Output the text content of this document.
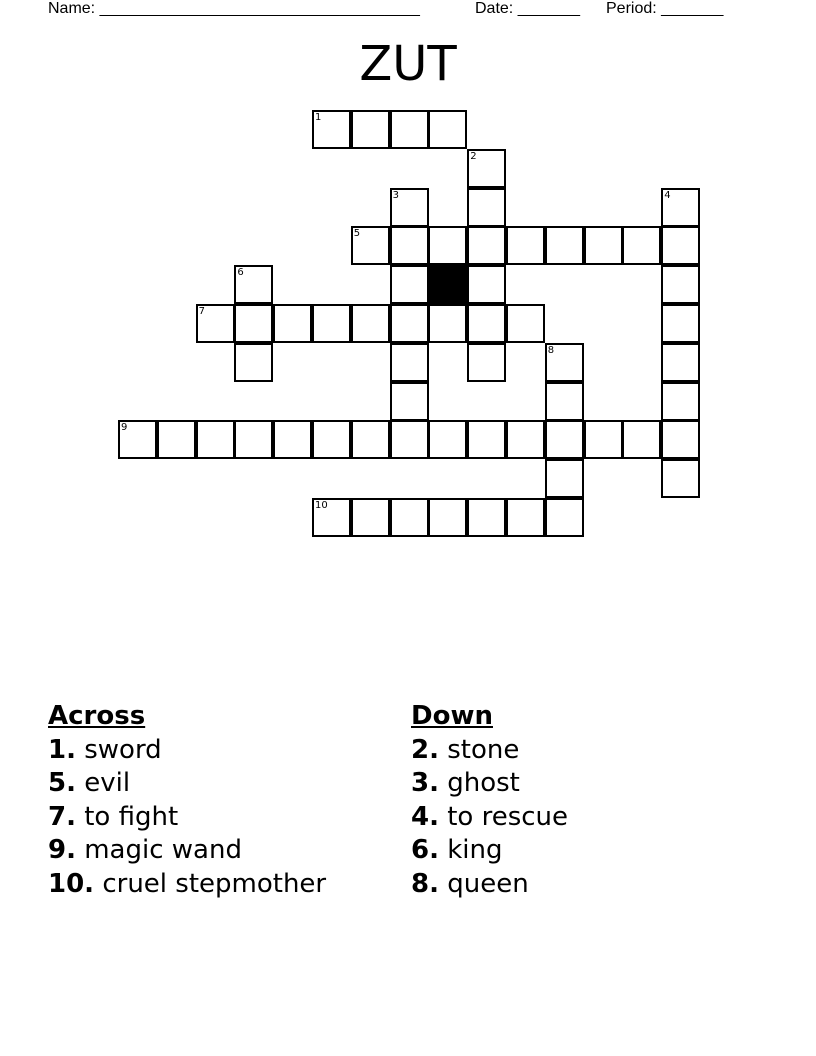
Name: ____________________________________	Date: _______ Period: _______
ZUT
1
2
3	4
5
6
7
8
9
10
Across
1. sword
5. evil
7. to fight
9. magic wand
10. cruel stepmother
Down
2. stone
3. ghost
4. to rescue
6. king
8. queen
